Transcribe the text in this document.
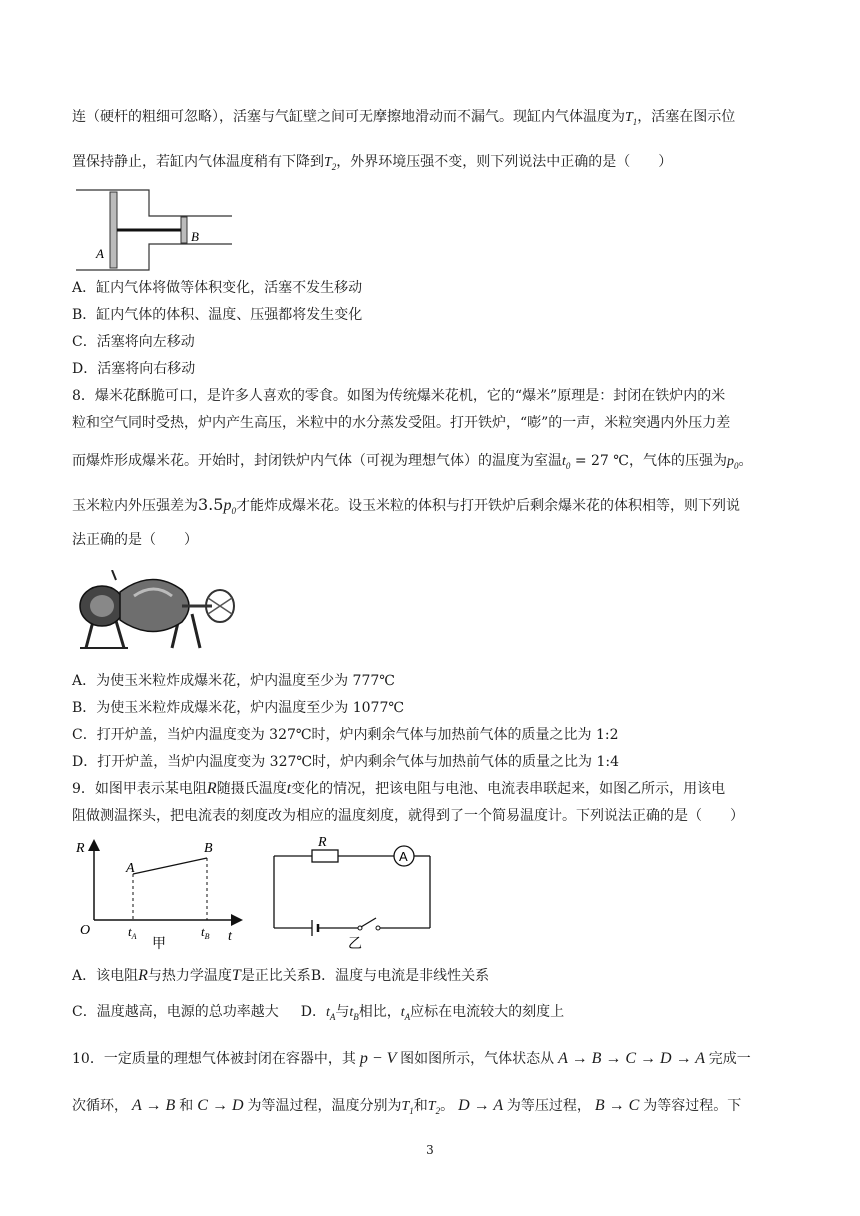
连（硬杆的粗细可忽略），活塞与气缸壁之间可无摩擦地滑动而不漏气。现缸内气体温度为$T_1$，活塞在图示位
置保持静止，若缸内气体温度稍有下降到$T_2$，外界环境压强不变，则下列说法中正确的是（　　）
A
B
A．缸内气体将做等体积变化，活塞不发生移动
B．缸内气体的体积、温度、压强都将发生变化
C．活塞将向左移动
D．活塞将向右移动
8．爆米花酥脆可口，是许多人喜欢的零食。如图为传统爆米花机，它的“爆米”原理是：封闭在铁炉内的米
粒和空气同时受热，炉内产生高压，米粒中的水分蒸发受阻。打开铁炉，“嘭”的一声，米粒突遇内外压力差
而爆炸形成爆米花。开始时，封闭铁炉内气体（可视为理想气体）的温度为室温$t_0 = 27$ ℃，气体的压强为$p_0$。
玉米粒内外压强差为$3.5p_0$才能炸成爆米花。设玉米粒的体积与打开铁炉后剩余爆米花的体积相等，则下列说
法正确的是（　　）
A．为使玉米粒炸成爆米花，炉内温度至少为 777℃
B．为使玉米粒炸成爆米花，炉内温度至少为 1077℃
C．打开炉盖，当炉内温度变为 327℃时，炉内剩余气体与加热前气体的质量之比为 1:2
D．打开炉盖，当炉内温度变为 327℃时，炉内剩余气体与加热前气体的质量之比为 1:4
9．如图甲表示某电阻R随摄氏温度t变化的情况，把该电阻与电池、电流表串联起来，如图乙所示，用该电
阻做测温探头，把电流表的刻度改为相应的温度刻度，就得到了一个简易温度计。下列说法正确的是（　　）
R
t
O
A
B
$t_A$	$t_B$
甲
A
R
乙
A．该电阻R与热力学温度T是正比关系B．温度与电流是非线性关系
C．温度越高，电源的总功率越大 D．$t_A$与$t_B$相比，$t_A$应标在电流较大的刻度上
10．一定质量的理想气体被封闭在容器中，其 p − V 图如图所示，气体状态从 A → B → C → D → A 完成一
次循环， A → B 和 C → D 为等温过程，温度分别为$T_1$和$T_2$。 D → A 为等压过程， B → C 为等容过程。下
3
